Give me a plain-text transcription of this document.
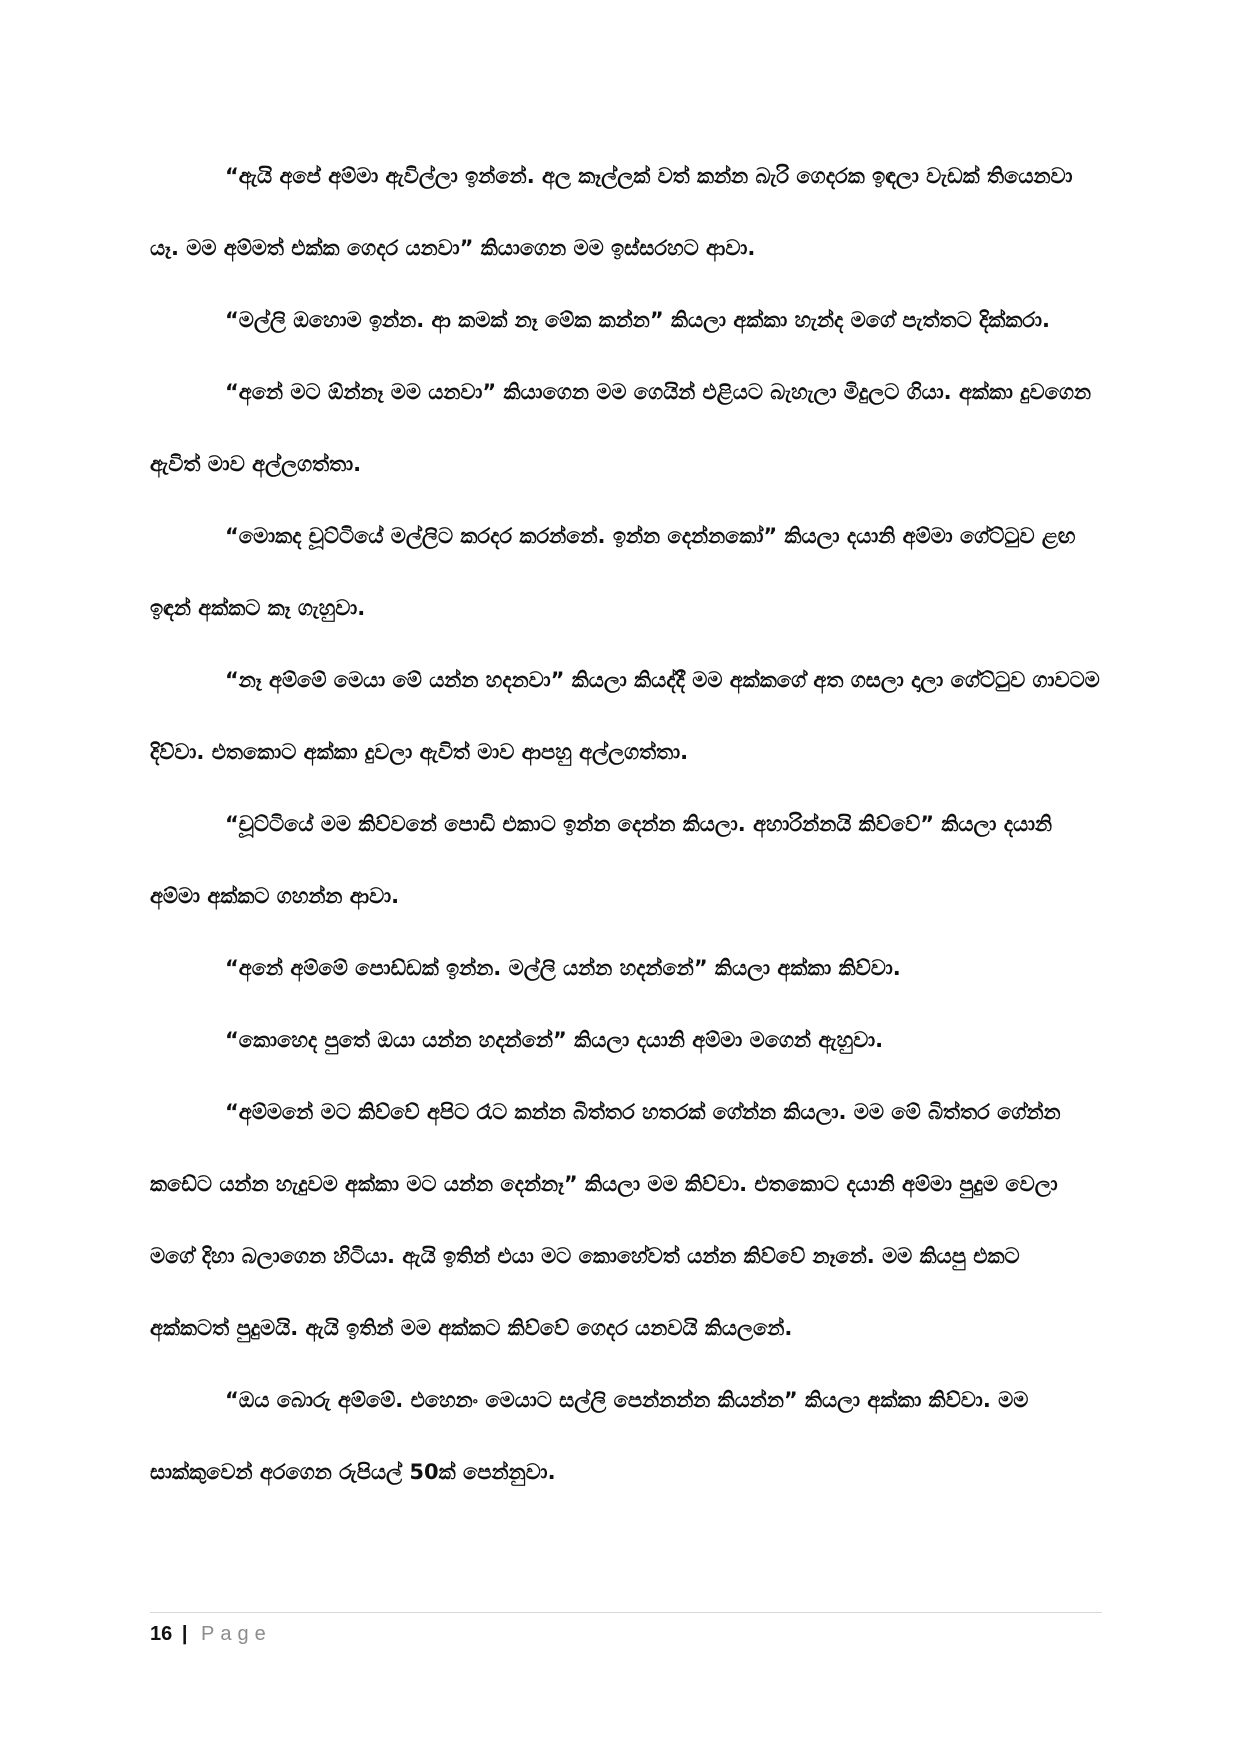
“ඇයි අපේ අම්මා ඇවිල්ලා ඉන්නේ. අල කෑල්ලක් වත් කන්න බැරි ගෙදරක ඉඳලා වැඩක් තියෙනවා යෑ. මම අම්මත් එක්ක ගෙදර යනවා” කියාගෙන මම ඉස්සරහට ආවා.

“මල්ලි ඔහොම ඉන්න. ආ කමක් නෑ මේක කන්න” කියලා අක්කා හැන්ද මගේ පැත්තට දික්කරා.

“අනේ මට ඕන්නෑ මම යනවා” කියාගෙන මම ගෙයින් එළියට බැහැලා මිදුලට ගියා. අක්කා දුවගෙන ඇවිත් මාව අල්ලගත්තා.

“මොකද චූට්ටියේ මල්ලිට කරදර කරන්නේ. ඉන්න දෙන්නකෝ” කියලා දයානි අම්මා ගේට්ටුව ළඟ ඉඳන් අක්කට කෑ ගැහුවා.

“නෑ අම්මේ මෙයා මේ යන්න හදනවා” කියලා කියද්දී මම අක්කගේ අත ගසලා දාලා ගේට්ටුව ගාවටම දිව්වා. එතකොට අක්කා දුවලා ඇවිත් මාව ආපහු අල්ලගත්තා.

“චූට්ටියේ මම කිව්වනේ පොඩි එකාට ඉන්න දෙන්න කියලා. අහාරින්නයි කිව්වේ” කියලා දයානි අම්මා අක්කට ගහන්න ආවා.

“අනේ අම්මේ පොඩ්ඩක් ඉන්න. මල්ලි යන්න හදන්නේ” කියලා අක්කා කිව්වා.

“කොහෙද පුතේ ඔයා යන්න හදන්නේ” කියලා දයානි අම්මා මගෙන් ඇහුවා.

“අම්මනේ මට කිව්වේ අපිට රෑට කන්න බිත්තර හතරක් ගේන්න කියලා. මම මේ බිත්තර ගේන්න කඩේට යන්න හැදුවම අක්කා මට යන්න දෙන්නෑ” කියලා මම කිව්වා. එතකොට දයානි අම්මා පුදුම වෙලා මගේ දිහා බලාගෙන හිටියා. ඇයි ඉතින් එයා මට කොහේවත් යන්න කිව්වේ නෑනේ. මම කියපු එකට අක්කටත් පුදුමයි. ඇයි ඉතින් මම අක්කට කිව්වේ ගෙදර යනවයි කියලනේ.

“ඔය බොරු අම්මේ. එහෙනං මෙයාට සල්ලි පෙන්නන්න කියන්න” කියලා අක්කා කිව්වා. මම සාක්කුවෙන් අරගෙන රුපියල් 50ක් පෙන්නුවා.

16 | Page
